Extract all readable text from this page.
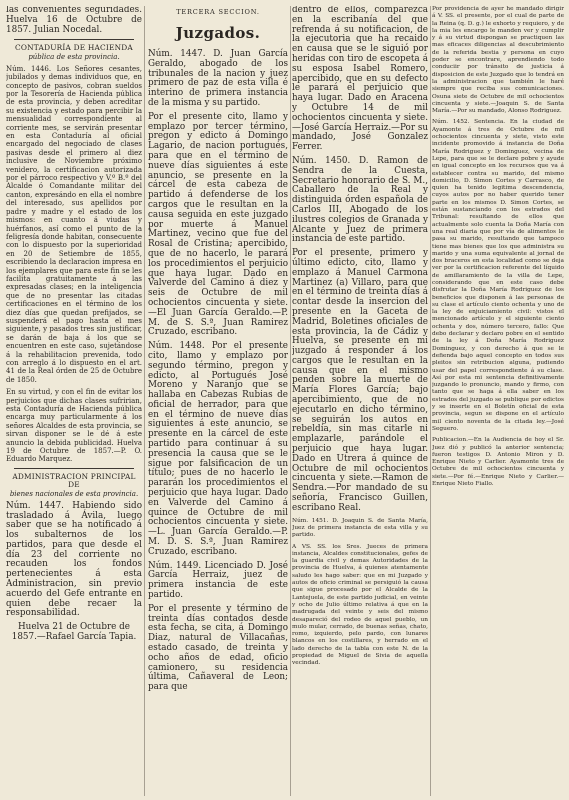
las convenientes seguridades. Huelva 16 de Octubre de 1857. Julian Nocedal.

CONTADURÍA DE HACIENDA
pública de esta provincia.

Núm. 1446. Los Señores cesantes, jubilados y demas individuos que, en concepto de pasivos, cobran sueldos por la Tesorería de Hacienda pública de esta provincia, y deben acreditar su existencia y estado para percibir la mensualidad correspondiente al corriente mes, se servirán presentar en esta Contaduría al oficial encargado del negociado de clases pasivas desde el primero al diez inclusive de Noviembre próximo venidero, la certificacion autorizada por el párroco respectivo y V.º B.º del Alcalde ó Comandante militar del canton, expresándo en ella el nombre del interesado, sus apellidos por padre y madre y el estado de los mismos: en cuanto á viudas y huérfanos, así como el punto de la feligresía donde habitan, consecuente con lo dispuesto por la superioridad en 20 de Setiembre de 1855, escribiendo la declaracion impresa en los ejemplares que para este fin se les facilita gratuitamente á las expresadas clases; en la inteligencia que de no presentar las citadas certificaciones en el término de los diez días que quedan prefijados, se suspenderá el pago hasta el mes siguiente, y pasados tres sin justificar, se darán de baja á los que se encuentren en este caso, sujetándose á la rehabilitacion prevenida, todo con arreglo á lo dispuesto en el art. 41 de la Real órden de 25 de Octubre de 1850.

En su virtud, y con el fin de evitar los perjuicios que dichas clases sufririan, esta Contaduría de Hacienda pública encarga muy particularmente á los señores Alcaldes de esta provincia, se sirvan disponer se le dé á este anuncio la debida publicidad. Huelva 19 de Octubre de 1857.—P. O. Eduardo Marquez.

ADMINISTRACION PRINCIPAL DE
bienes nacionales de esta provincia.

Núm. 1447. Habiendo sido trasladado á Ávila, luego saber que se ha notificado á los subalternos de los partidos, para que desde el día 23 del corriente no recauden los fondos pertenecientes á esta Administracion, sin previo acuerdo del Gefe entrante en quien debe recaer la responsabilidad.

Huelva 21 de Octubre de 1857.—Rafael García Tapia.

TERCERA SECCION.
Juzgados.

Núm. 1447. D. Juan García Geraldo, abogado de los tribunales de la nacion y juez primero de paz de esta villa é interino de primera instancia de la misma y su partido.

Por el presente cito, llamo y emplazo por tercer término, pregon y edicto á Domingo Lagario, de nacion portugués, para que en el término de nueve días siguientes á este anuncio, se presente en la cárcel de esta cabeza de partido á defenderse de los cargos que le resultan en la causa seguida en este juzgado por muerte á Manuel Martinez, vecino que fue del Rosal de Cristina; apercibido, que de no hacerlo, le parará los procedimientos el perjuicio que haya lugar. Dado en Valverde del Camino á diez y seis de Octubre de mil ochocientos cincuenta y siete.—El Juan García Geraldo.—P. M. de S. S.ª, Juan Ramirez Cruzado, escribano.

Núm. 1448. Por el presente cito, llamo y emplazo por segundo término, pregon y edicto, al Portugués José Moreno y Naranjo que se hallaba en Cabezas Rubias de oficial de herrador, para que en el término de nueve días siguientes á este anuncio, se presente en la cárcel de este partido para continuar á su presencia la causa que se le sigue por falsificacion de un título; pues de no hacerlo le pararán los procedimientos el perjuicio que haya lugar. Dado en Valverde del Camino á quince de Octubre de mil ochocientos cincuenta y siete.—L. Juan García Geraldo.—P. M. D. S. S.ª, Juan Ramirez Cruzado, escribano.

Núm. 1449. Licenciado D. José García Herraiz, juez de primera instancia de este partido.

Por el presente y término de treinta días contados desde esta fecha, se cita, á Domingo Diaz, natural de Villacañas, estado casado, de treinta y ocho años de edad, oficio camionero, su residencia última, Cañaveral de Leon; para que

dentro de ellos, comparezca en la escribanía del que refrenda á su notificacion, de la ejecutoria que ha recaido en causa que se le siguió por heridas con tiro de escopeta á su esposa Isabel Romero, apercibido, que en su defecto le parará el perjuicio que haya lugar. Dado en Aracena y Octubre 14 de mil ochocientos cincuenta y siete.—José García Herraiz.—Por su mandado, José Gonzalez Ferrer.

Núm. 1450. D. Ramon de Sendra de la Cuesta, Secretario honorario de S. M., Caballero de la Real y distinguida órden española de Carlos III, Abogado de los ilustres colegios de Granada y Alcante y Juez de primera instancia de este partido.

Por el presente, primero y último edicto, cito, llamo y emplazo á Manuel Carmona Martinez (a) Villaro, para que en el término de treinta días á contar desde la insercion del presente en la Gaceta de Madrid, Boletines oficiales de esta provincia, la de Cádiz y Huelva, se presente en mi juzgado á responder á los cargos que le resultan en la causa que en el mismo penden sobre la muerte de María Flores García; bajo apercibimiento, que de no ejecutarlo en dicho término, se seguirán los autos en rebeldía, sin mas citarle ni emplazarle, parándole el perjuicio que haya lugar. Dado en Utrera á quince de Octubre de mil ochocientos cincuenta y siete.—Ramon de Sendra.—Por mandado de su señoría, Francisco Guillen, escribano Real.

Núm. 1451. D. Joaquin S. de Santa María, Juez de primera instancia de esta villa y su partido.

A VS. SS. los Sres. Jueces de primera instancia, Alcaldes constitucionales, gefes de la guardia civil y demas Autoridades de la provincia de Huelva, á quienes atentamente saludo les hago saber: que en mi Juzgado y autos de oficio criminal se persiguió la causa que sigue procesado por el Alcalde de la Lantejuela, de este partido judicial, en veinte y ocho de Julio último relativa á que en la madrugada del veinte y seis del mismo desapareció del rodeo de aquel pueblo, un mulo mular, cerrado, de buenas señas, chato, romo, izquierdo, pelo pardo, con lunares blancos en los costillares, y herrado en el lado derecho de la tabla con este N. de la propiedad de Miguel de Sivia de aquella vecindad.

Por providencia de ayer he mandado dirigir á V. SS. el presente, por el cual de parte de la Reina (q. D. g.) le exhorto y requiero, y de la mia les encargo le manden ver y cumplir y á su virtud dispongan se practiquen las mas eficaces diligencias al descubrimiento de la referida bestia y persona en cuyo poder se encontrare, aprendiendo todo conduciir por tránsito de justicia á disposicion de este Juzgado que lo tendrá en la administracion que también le haré siempre que reciba sus comunicaciones. Osuna siete de Octubre de mil ochocientos cincuenta y siete.—Joaquin S. de Santa María.—Por su mandado, Alonso Rodriguez.

Núm. 1452. Sentencia. En la ciudad de Ayamonte á tres de Octubre de mil ochocientos cincuenta y siete, visto este incidente promovido á instancia de Doña María Rodriguez y Dominguez, vecina de Lepe, para que se le declare pobre y ayude en igual concepto en los recursos que va á establecer contra su marido, del mismo domicilio, D. Simon Cortes y Carrasco, de quien ha tenido legitima descendencia, cuyos autos por no haber querido tener parte en los mismos D. Simon Cortes, se están sustanciando con los estrados del Tribunal: resultando de ellos que actualmente solo cuenta la Doña María con una real diaria que por vía de alimentos le pasa su marido, resultando que tampoco tiene mas bienes que los que administra su marido y una suma equivalente al jornal de dos braceros en esta localidad como se deja ver por la certificacion referente del líquido de amillaramiento de la villa de Lepe, considerando que en este caso debe disfrutar la Doña María Rodriguez de los beneficios que disponen á las personas de su clase el artículo ciento ochenta y uno de la ley de enjuiciamiento civil: vistos el mencionado artículo y el siguiente ciento ochenta y dos, número tercero, fallo: Que debo declarar y declaro pobre en el sentido de la ley á Doña María Rodriguez Dominguez, y con derecho á que se le defienda bajo aquel concepto en todos sus pleitos sin retribucion alguna, pudiendo usar del papel correspondiente á su clase. Así por esta mi sentencia definitivamente juzgando lo pronuncio, mando y firmo, con tanto que se haga á ella saber en los estrados del juzgado se publique por edictos y se inserte en el Boletín oficial de esta provincia, segun se dispone en el artículo mil ciento noventa de la citada ley.—José Seguero.

Publicacion.—En la Audiencia de hoy el Sr. Juez dió y publicó la anterior sentencia; fueron testigos D. Antonio Miron y D. Enrique Nieto y Carlier. Ayamonte tres de Octubre de mil ochocientos cincuenta y siete.—Por fé.—Enrique Nieto y Carlier.—Enrique Nieto Fiallo.
